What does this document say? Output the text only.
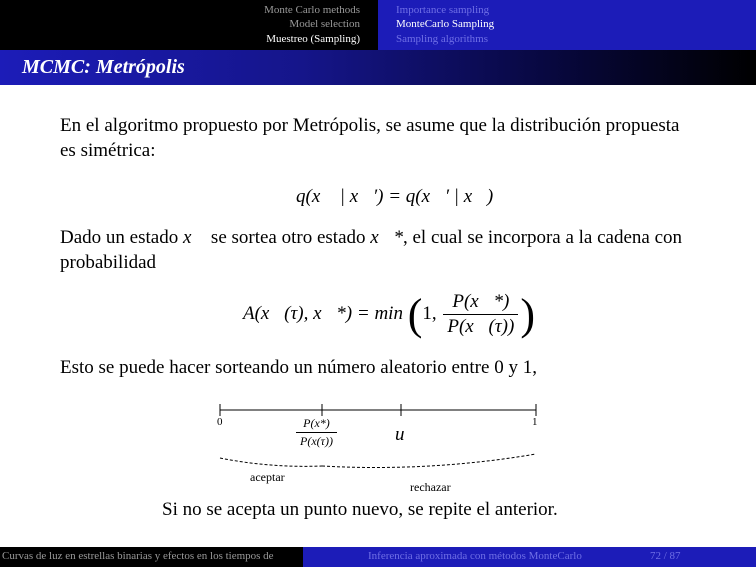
Monte Carlo methods
Model selection
Muestreo (Sampling)
Importance sampling
MonteCarlo Sampling
Sampling algorithms
MCMC: Metrópolis
En el algoritmo propuesto por Metrópolis, se asume que la distribución propuesta es simétrica:
q(x⃗ | x⃗′) = q(x⃗′ | x⃗)
Dado un estado x⃗ se sortea otro estado x⃗*, el cual se incorpora a la cadena con probabilidad
A(x⃗(τ), x⃗*) = min (1, $\frac{P(x⃗*)}{P(x⃗(\tau))}$ )
Esto se puede hacer sorteando un número aleatorio entre 0 y 1,
0	1
$\frac{P(x*)}{P(x(\tau))}$	u
aceptar
rechazar
Si no se acepta un punto nuevo, se repite el anterior.
Curvas de luz en estrellas binarias y efectos en los tiempos de	Inferencia aproximada con métodos MonteCarlo	72 / 87
